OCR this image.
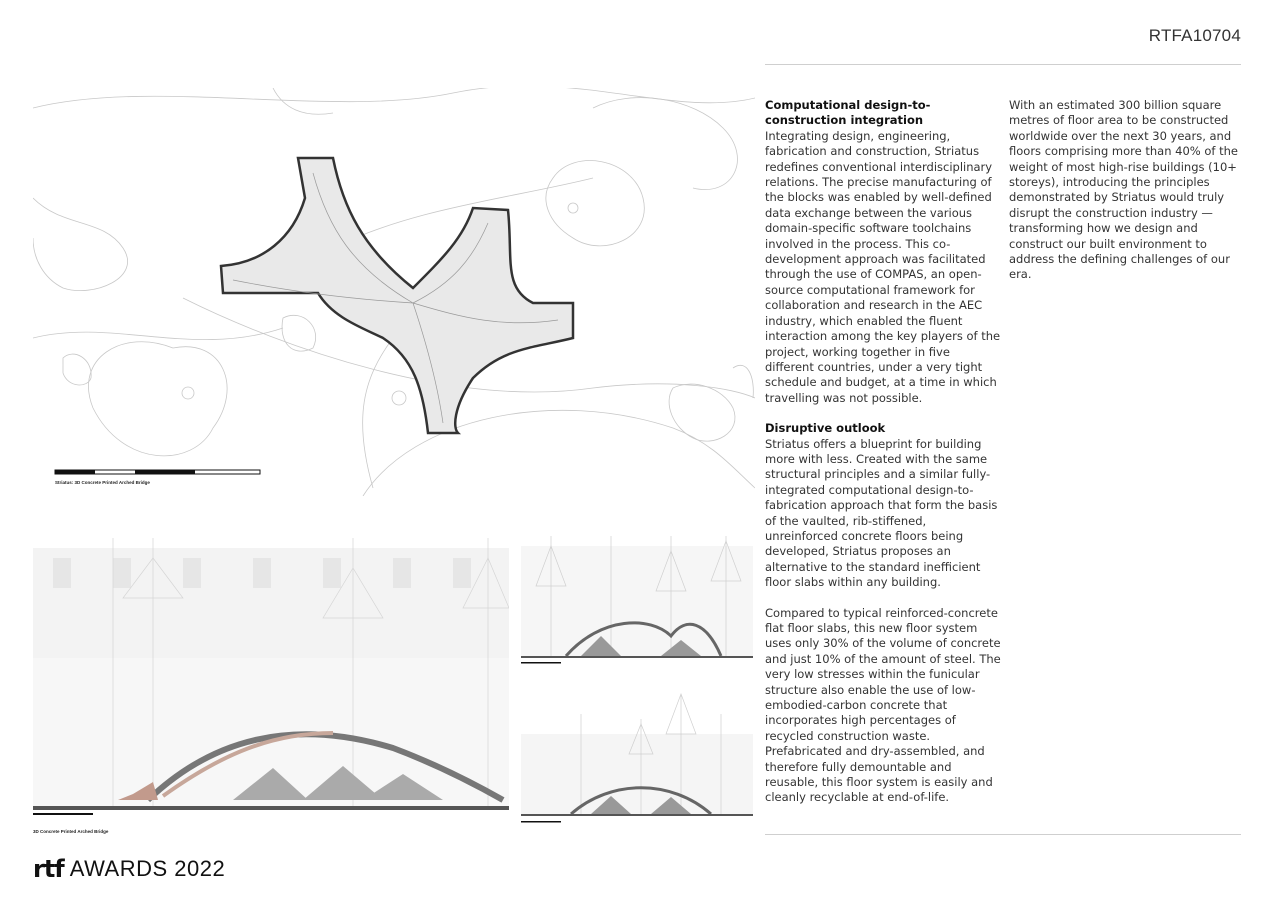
RTFA10704
Striatus: 3D Concrete Printed Arched Bridge
3D Concrete Printed Arched Bridge
Computational design-to-construction integration

Integrating design, engineering, fabrication and construction, Striatus redefines conventional interdisciplinary relations. The precise manufacturing of the blocks was enabled by well-defined data exchange between the various domain-specific software toolchains involved in the process. This co-development approach was facilitated through the use of COMPAS, an open-source computational framework for collaboration and research in the AEC industry, which enabled the fluent interaction among the key players of the project, working together in five different countries, under a very tight schedule and budget, at a time in which travelling was not possible.

Disruptive outlook

Striatus offers a blueprint for building more with less. Created with the same structural principles and a similar fully-integrated computational design-to-fabrication approach that form the basis of the vaulted, rib-stiffened, unreinforced concrete floors being developed, Striatus proposes an alternative to the standard inefficient floor slabs within any building.

Compared to typical reinforced-concrete flat floor slabs, this new floor system uses only 30% of the volume of concrete and just 10% of the amount of steel. The very low stresses within the funicular structure also enable the use of low-embodied-carbon concrete that incorporates high percentages of recycled construction waste. Prefabricated and dry-assembled, and therefore fully demountable and reusable, this floor system is easily and cleanly recyclable at end-of-life.

With an estimated 300 billion square metres of floor area to be constructed worldwide over the next 30 years, and floors comprising more than 40% of the weight of most high-rise buildings (10+ storeys), introducing the principles demonstrated by Striatus would truly disrupt the construction industry — transforming how we design and construct our built environment to address the defining challenges of our era.

rtf AWARDS 2022
